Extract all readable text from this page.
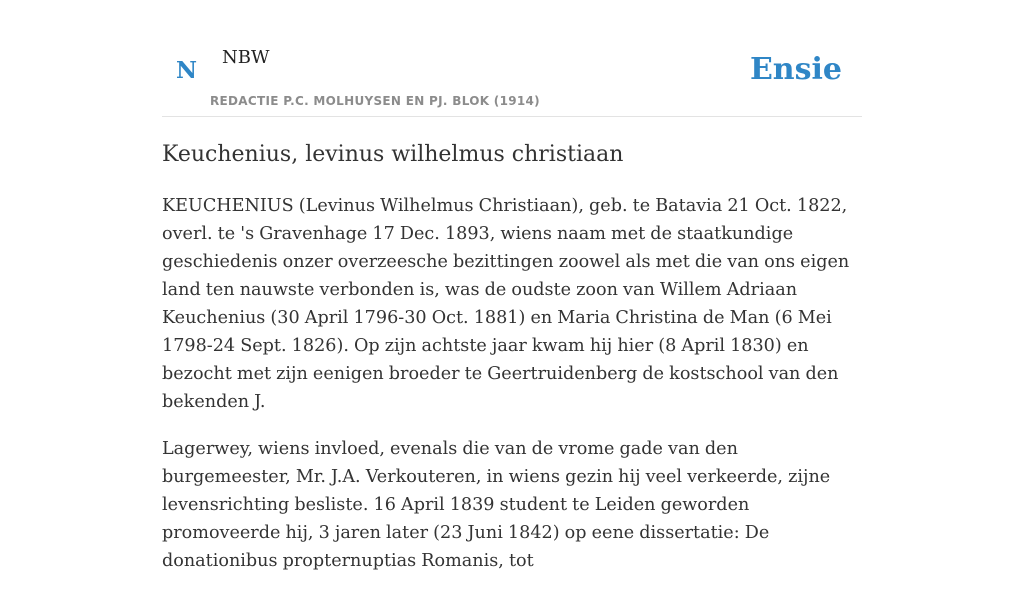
N NBW
REDACTIE P.C. MOLHUYSEN EN PJ. BLOK (1914)
Ensie
Keuchenius, levinus wilhelmus christiaan

KEUCHENIUS (Levinus Wilhelmus Christiaan), geb. te Batavia 21 Oct. 1822, overl. te 's Gravenhage 17 Dec. 1893, wiens naam met de staatkundige geschiedenis onzer overzeesche bezittingen zoowel als met die van ons eigen land ten nauwste verbonden is, was de oudste zoon van Willem Adriaan Keuchenius (30 April 1796-30 Oct. 1881) en Maria Christina de Man (6 Mei 1798-24 Sept. 1826). Op zijn achtste jaar kwam hij hier (8 April 1830) en bezocht met zijn eenigen broeder te Geertruidenberg de kostschool van den bekenden J.

Lagerwey, wiens invloed, evenals die van de vrome gade van den burgemeester, Mr. J.A. Verkouteren, in wiens gezin hij veel verkeerde, zijne levensrichting besliste. 16 April 1839 student te Leiden geworden promoveerde hij, 3 jaren later (23 Juni 1842) op eene dissertatie: De donationibus propternuptias Romanis, tot
